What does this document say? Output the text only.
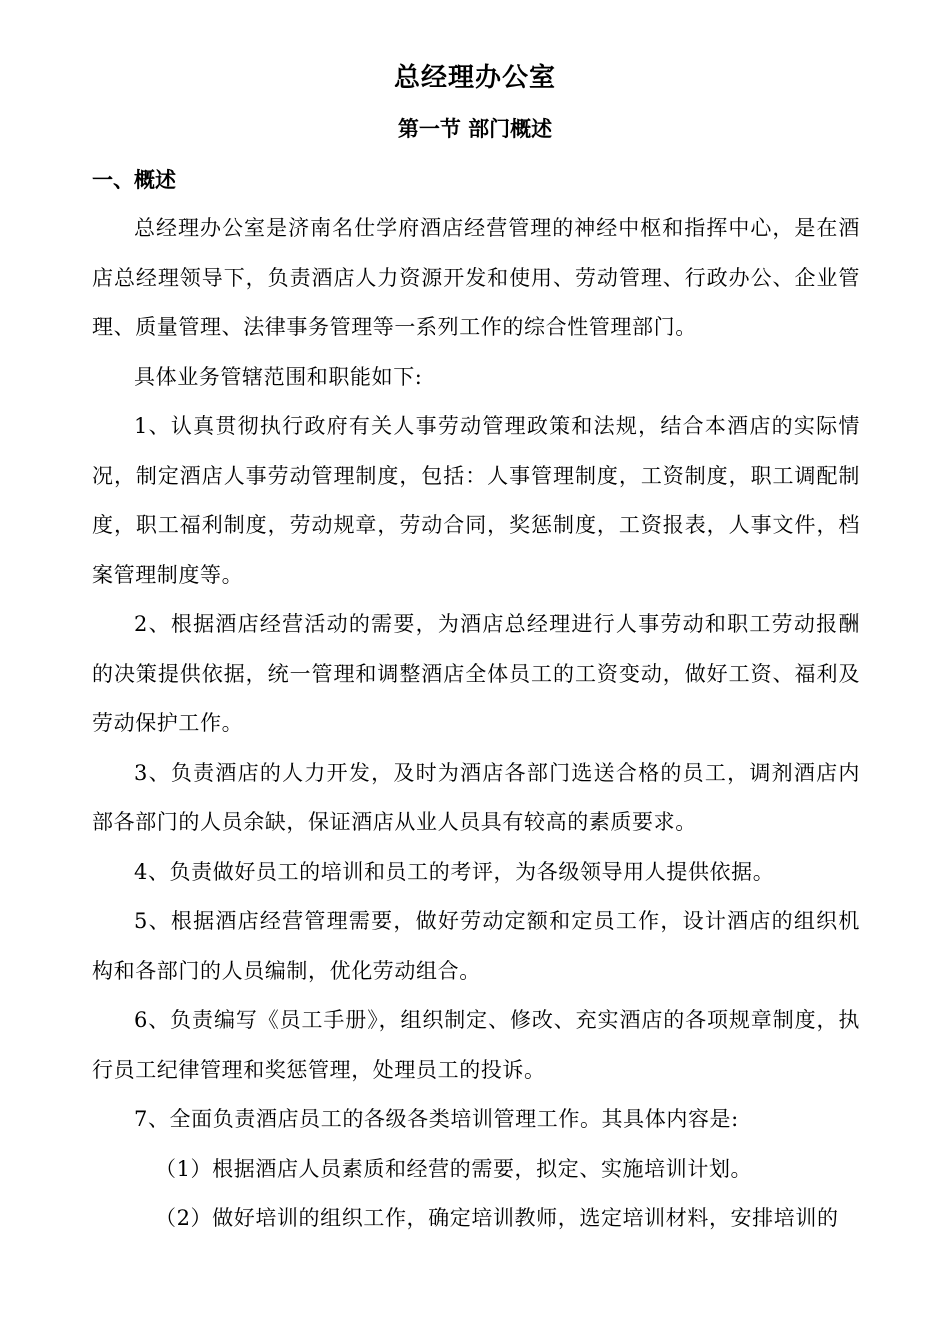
总经理办公室
第一节 部门概述
一、概述

总经理办公室是济南名仕学府酒店经营管理的神经中枢和指挥中心，是在酒店总经理领导下，负责酒店人力资源开发和使用、劳动管理、行政办公、企业管理、质量管理、法律事务管理等一系列工作的综合性管理部门。

具体业务管辖范围和职能如下:

1、认真贯彻执行政府有关人事劳动管理政策和法规，结合本酒店的实际情况，制定酒店人事劳动管理制度，包括：人事管理制度，工资制度，职工调配制度，职工福利制度，劳动规章，劳动合同，奖惩制度，工资报表，人事文件，档案管理制度等。

2、根据酒店经营活动的需要，为酒店总经理进行人事劳动和职工劳动报酬的决策提供依据，统一管理和调整酒店全体员工的工资变动，做好工资、福利及劳动保护工作。

3、负责酒店的人力开发，及时为酒店各部门选送合格的员工，调剂酒店内部各部门的人员余缺，保证酒店从业人员具有较高的素质要求。

4、负责做好员工的培训和员工的考评，为各级领导用人提供依据。

5、根据酒店经营管理需要，做好劳动定额和定员工作，设计酒店的组织机构和各部门的人员编制，优化劳动组合。

6、负责编写《员工手册》，组织制定、修改、充实酒店的各项规章制度，执行员工纪律管理和奖惩管理，处理员工的投诉。

7、全面负责酒店员工的各级各类培训管理工作。其具体内容是:

（1）根据酒店人员素质和经营的需要，拟定、实施培训计划。

（2）做好培训的组织工作，确定培训教师，选定培训材料，安排培训的
